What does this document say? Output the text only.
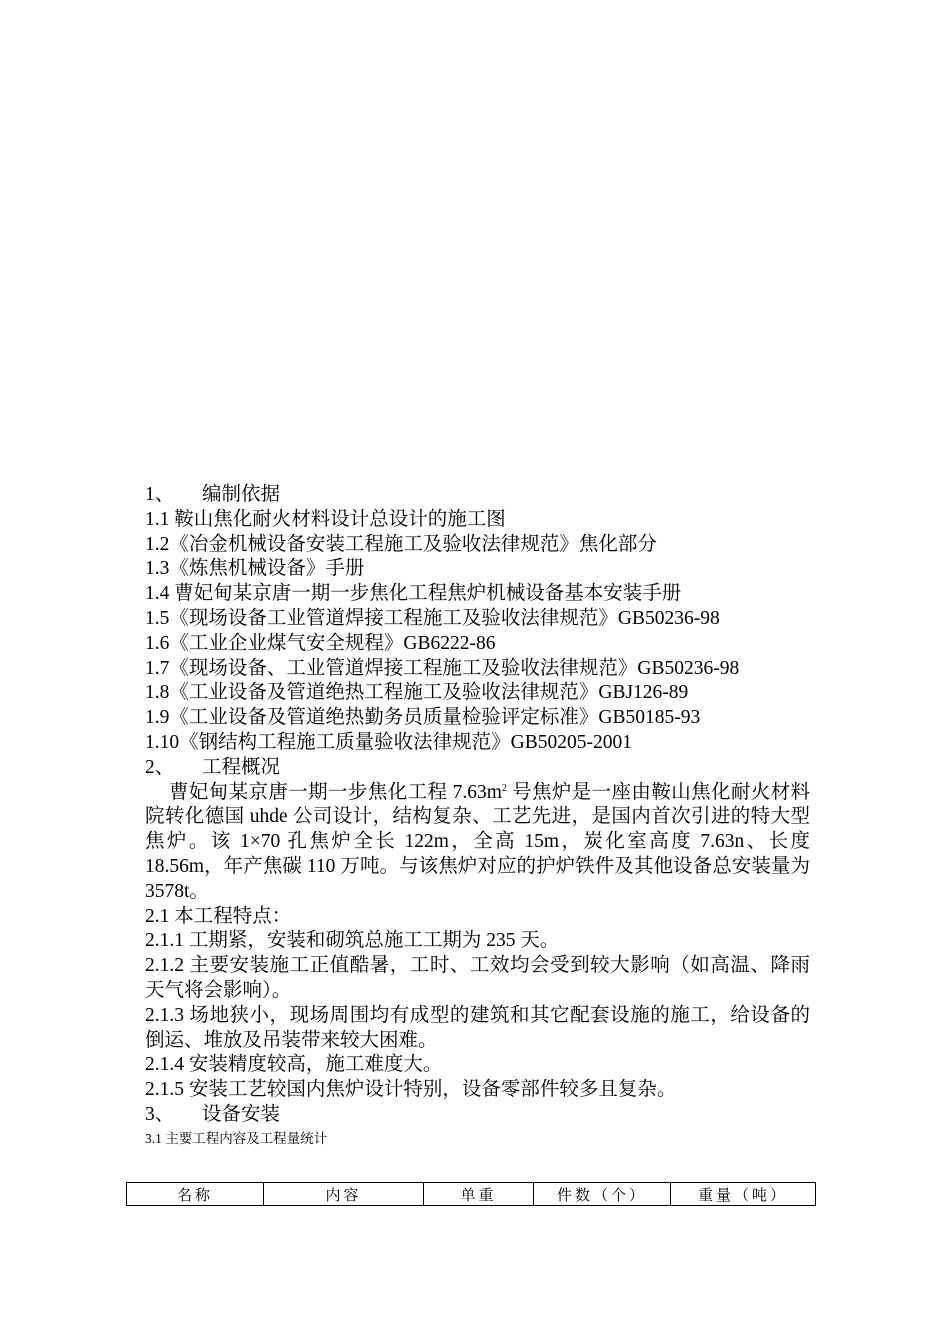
1、 编制依据
1.1 鞍山焦化耐火材料设计总设计的施工图
1.2《冶金机械设备安装工程施工及验收法律规范》焦化部分
1.3《炼焦机械设备》手册
1.4 曹妃甸某京唐一期一步焦化工程焦炉机械设备基本安装手册
1.5《现场设备工业管道焊接工程施工及验收法律规范》GB50236-98
1.6《工业企业煤气安全规程》GB6222-86
1.7《现场设备、工业管道焊接工程施工及验收法律规范》GB50236-98
1.8《工业设备及管道绝热工程施工及验收法律规范》GBJ126-89
1.9《工业设备及管道绝热勤务员质量检验评定标准》GB50185-93
1.10《钢结构工程施工质量验收法律规范》GB50205-2001
2、 工程概况
曹妃甸某京唐一期一步焦化工程 $7.63m^2$ 号焦炉是一座由鞍山焦化耐火材料院转化德国 uhde 公司设计，结构复杂、工艺先进，是国内首次引进的特大型焦炉。该 1×70 孔焦炉全长 122m，全高 15m，炭化室高度 7.63n、长度 18.56m，年产焦碳 110 万吨。与该焦炉对应的护炉铁件及其他设备总安装量为 3578t。
2.1 本工程特点：
2.1.1 工期紧，安装和砌筑总施工工期为 235 天。
2.1.2 主要安装施工正值酷暑，工时、工效均会受到较大影响（如高温、降雨天气将会影响）。
2.1.3 场地狭小，现场周围均有成型的建筑和其它配套设施的施工，给设备的倒运、堆放及吊装带来较大困难。
2.1.4 安装精度较高，施工难度大。
2.1.5 安装工艺较国内焦炉设计特别，设备零部件较多且复杂。
3、 设备安装
3.1 主要工程内容及工程量统计
名称	内容	单重	件数（个）	重量（吨）
